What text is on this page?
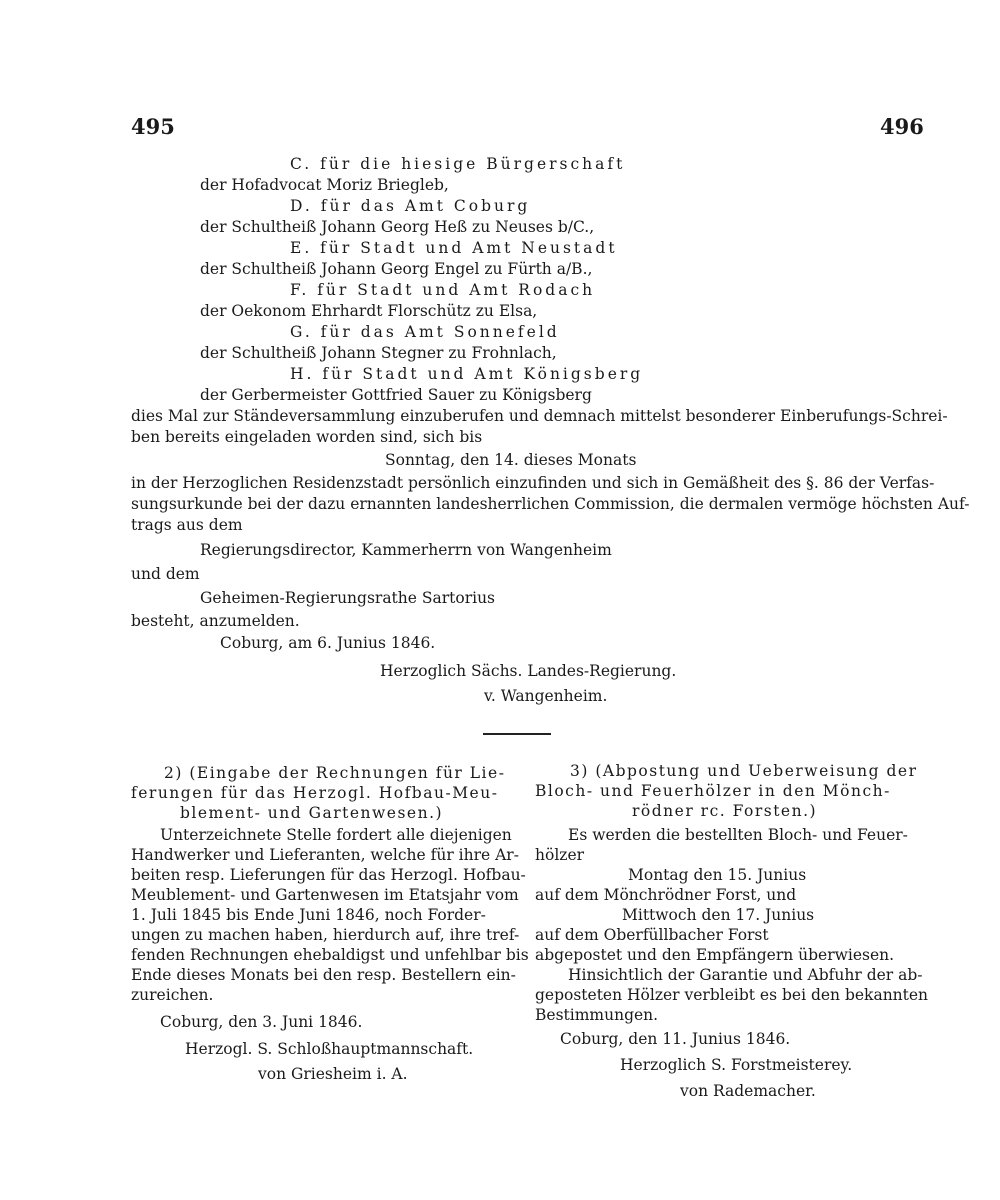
495	496
C. für die hiesige Bürgerschaft
der Hofadvocat Moriz Briegleb,
D. für das Amt Coburg
der Schultheiß Johann Georg Heß zu Neuses b/C.,
E. für Stadt und Amt Neustadt
der Schultheiß Johann Georg Engel zu Fürth a/B.,
F. für Stadt und Amt Rodach
der Oekonom Ehrhardt Florschütz zu Elsa,
G. für das Amt Sonnefeld
der Schultheiß Johann Stegner zu Frohnlach,
H. für Stadt und Amt Königsberg
der Gerbermeister Gottfried Sauer zu Königsberg
dies Mal zur Ständeversammlung einzuberufen und demnach mittelst besonderer Einberufungs-Schrei-
ben bereits eingeladen worden sind, sich bis
Sonntag, den 14. dieses Monats
in der Herzoglichen Residenzstadt persönlich einzufinden und sich in Gemäßheit des §. 86 der Verfas-
sungsurkunde bei der dazu ernannten landesherrlichen Commission, die dermalen vermöge höchsten Auf-
trags aus dem
Regierungsdirector, Kammerherrn von Wangenheim
und dem
Geheimen-Regierungsrathe Sartorius
besteht, anzumelden.
Coburg, am 6. Junius 1846.
Herzoglich Sächs. Landes-Regierung.
v. Wangenheim.
2) (Eingabe der Rechnungen für Lie-
ferungen für das Herzogl. Hofbau-Meu-
blement- und Gartenwesen.)
Unterzeichnete Stelle fordert alle diejenigen
Handwerker und Lieferanten, welche für ihre Ar-
beiten resp. Lieferungen für das Herzogl. Hofbau-
Meublement- und Gartenwesen im Etatsjahr vom
1. Juli 1845 bis Ende Juni 1846, noch Forder-
ungen zu machen haben, hierdurch auf, ihre tref-
fenden Rechnungen ehebaldigst und unfehlbar bis
Ende dieses Monats bei den resp. Bestellern ein-
zureichen.
Coburg, den 3. Juni 1846.
Herzogl. S. Schloßhauptmannschaft.
von Griesheim i. A.
3) (Abpostung und Ueberweisung der
Bloch- und Feuerhölzer in den Mönch-
rödner rc. Forsten.)
Es werden die bestellten Bloch- und Feuer-
hölzer
Montag den 15. Junius
auf dem Mönchrödner Forst, und
Mittwoch den 17. Junius
auf dem Oberfüllbacher Forst
abgepostet und den Empfängern überwiesen.
Hinsichtlich der Garantie und Abfuhr der ab-
gepostеten Hölzer verbleibt es bei den bekannten
Bestimmungen.
Coburg, den 11. Junius 1846.
Herzoglich S. Forstmeisterey.
von Rademacher.
